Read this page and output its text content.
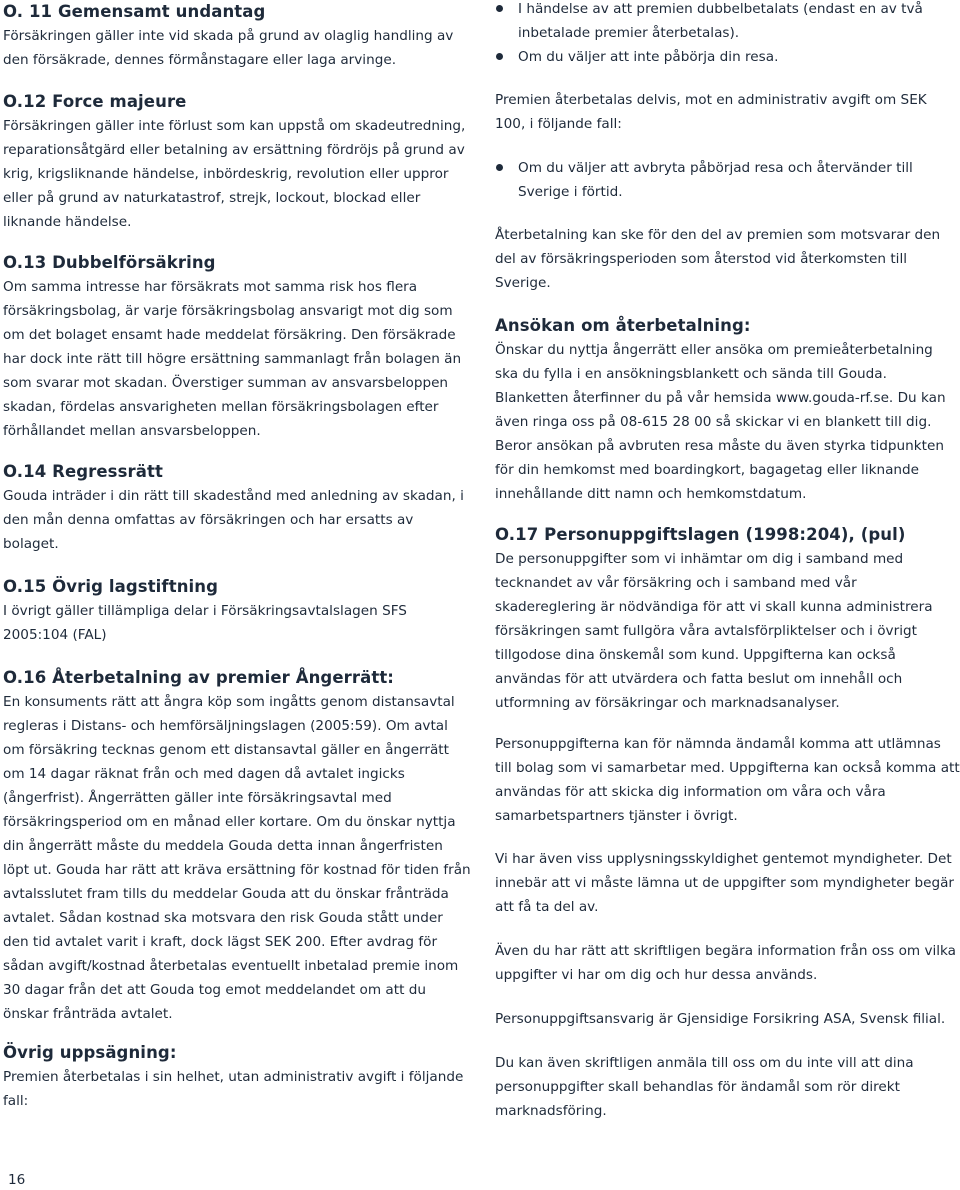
O. 11 Gemensamt undantag

Försäkringen gäller inte vid skada på grund av olaglig handling av den försäkrade, dennes förmånstagare eller laga arvinge.

O.12 Force majeure

Försäkringen gäller inte förlust som kan uppstå om skadeutredning, reparationsåtgärd eller betalning av ersättning fördröjs på grund av krig, krigsliknande händelse, inbördeskrig, revolution eller uppror eller på grund av naturkatastrof, strejk, lockout, blockad eller liknande händelse.

O.13 Dubbelförsäkring

Om samma intresse har försäkrats mot samma risk hos flera försäkringsbolag, är varje försäkringsbolag ansvarigt mot dig som om det bolaget ensamt hade meddelat försäkring. Den försäkrade har dock inte rätt till högre ersättning sammanlagt från bolagen än som svarar mot skadan. Överstiger summan av ansvarsbeloppen skadan, fördelas ansvarigheten mellan försäkringsbolagen efter förhållandet mellan ansvarsbeloppen.

O.14 Regressrätt

Gouda inträder i din rätt till skadestånd med anledning av skadan, i den mån denna omfattas av försäkringen och har ersatts av bolaget.

O.15 Övrig lagstiftning

I övrigt gäller tillämpliga delar i Försäkringsavtalslagen SFS 2005:104 (FAL)

O.16 Återbetalning av premier Ångerrätt:

En konsuments rätt att ångra köp som ingåtts genom distansavtal regleras i Distans- och hemförsäljningslagen (2005:59). Om avtal om försäkring tecknas genom ett distansavtal gäller en ångerrätt om 14 dagar räknat från och med dagen då avtalet ingicks (ångerfrist). Ångerrätten gäller inte försäkringsavtal med försäkringsperiod om en månad eller kortare. Om du önskar nyttja din ångerrätt måste du meddela Gouda detta innan ångerfristen löpt ut. Gouda har rätt att kräva ersättning för kostnad för tiden från avtalsslutet fram tills du meddelar Gouda att du önskar frånträda avtalet. Sådan kostnad ska motsvara den risk Gouda stått under den tid avtalet varit i kraft, dock lägst SEK 200. Efter avdrag för sådan avgift/kostnad återbetalas eventuellt inbetalad premie inom 30 dagar från det att Gouda tog emot meddelandet om att du önskar frånträda avtalet.

Övrig uppsägning:

Premien återbetalas i sin helhet, utan administrativ avgift i följande fall:

I händelse av att premien dubbelbetalats (endast en av två inbetalade premier återbetalas).
Om du väljer att inte påbörja din resa.

Premien återbetalas delvis, mot en administrativ avgift om SEK 100, i följande fall:

Om du väljer att avbryta påbörjad resa och återvänder till Sverige i förtid.

Återbetalning kan ske för den del av premien som motsvarar den del av försäkringsperioden som återstod vid återkomsten till Sverige.

Ansökan om återbetalning:

Önskar du nyttja ångerrätt eller ansöka om premieåterbetalning ska du fylla i en ansökningsblankett och sända till Gouda. Blanketten återfinner du på vår hemsida www.gouda-rf.se. Du kan även ringa oss på 08-615 28 00 så skickar vi en blankett till dig. Beror ansökan på avbruten resa måste du även styrka tidpunkten för din hemkomst med boardingkort, bagagetag eller liknande innehållande ditt namn och hemkomstdatum.

O.17 Personuppgiftslagen (1998:204), (pul)

De personuppgifter som vi inhämtar om dig i samband med tecknandet av vår försäkring och i samband med vår skadereglering är nödvändiga för att vi skall kunna administrera försäkringen samt fullgöra våra avtalsförpliktelser och i övrigt tillgodose dina önskemål som kund. Uppgifterna kan också användas för att utvärdera och fatta beslut om innehåll och utformning av försäkringar och marknadsanalyser.

Personuppgifterna kan för nämnda ändamål komma att utlämnas till bolag som vi samarbetar med. Uppgifterna kan också komma att användas för att skicka dig information om våra och våra samarbetspartners tjänster i övrigt.

Vi har även viss upplysningsskyldighet gentemot myndigheter. Det innebär att vi måste lämna ut de uppgifter som myndigheter begär att få ta del av.

Även du har rätt att skriftligen begära information från oss om vilka uppgifter vi har om dig och hur dessa används.

Personuppgiftsansvarig är Gjensidige Forsikring ASA, Svensk filial.

Du kan även skriftligen anmäla till oss om du inte vill att dina personuppgifter skall behandlas för ändamål som rör direkt marknadsföring.

16
